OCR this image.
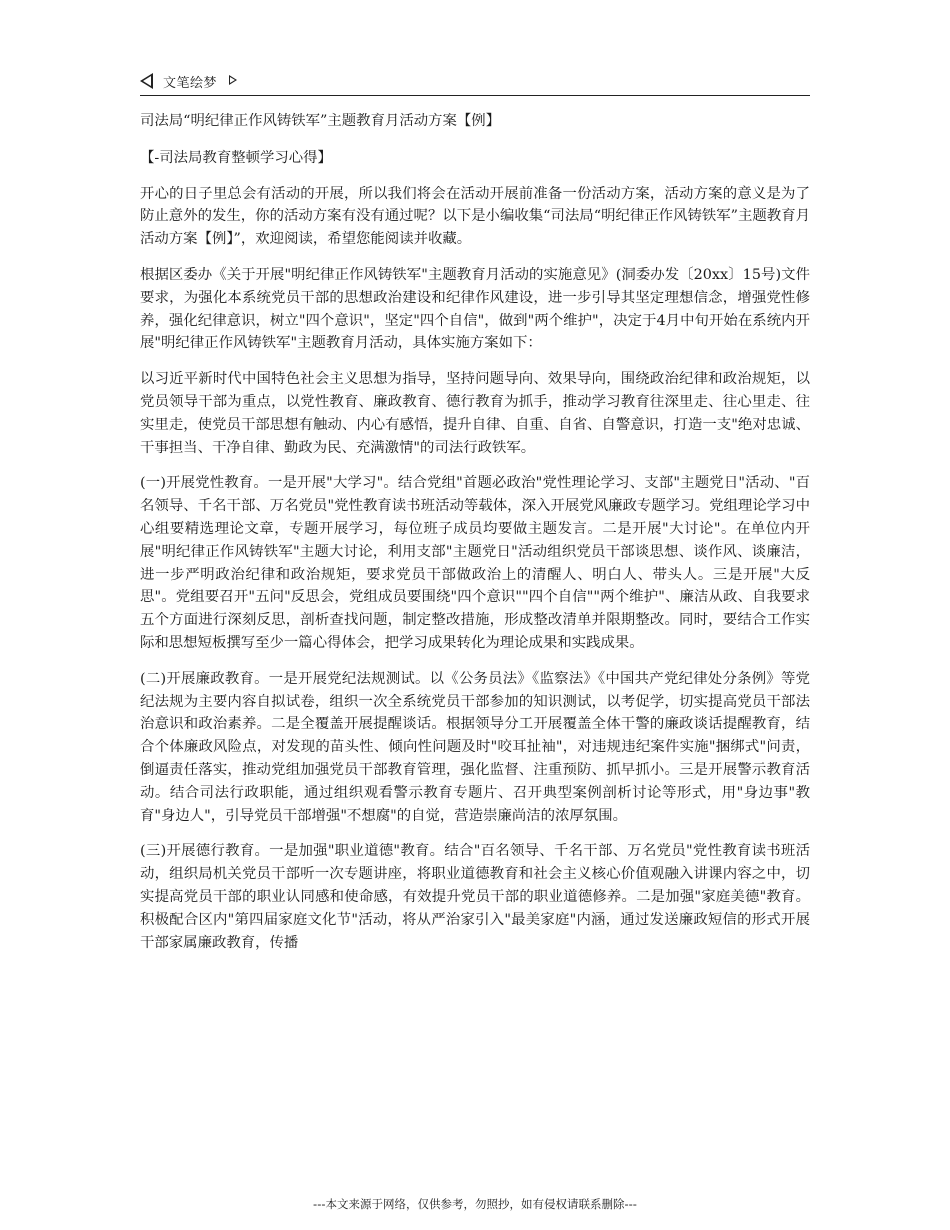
文笔绘梦

司法局“明纪律正作风铸铁军”主题教育月活动方案【例】

【-司法局教育整顿学习心得】

开心的日子里总会有活动的开展，所以我们将会在活动开展前准备一份活动方案，活动方案的意义是为了防止意外的发生，你的活动方案有没有通过呢？以下是小编收集“司法局“明纪律正作风铸铁军”主题教育月活动方案【例】”，欢迎阅读，希望您能阅读并收藏。

根据区委办《关于开展"明纪律正作风铸铁军"主题教育月活动的实施意见》(洞委办发〔20xx〕15号)文件要求，为强化本系统党员干部的思想政治建设和纪律作风建设，进一步引导其坚定理想信念，增强党性修养，强化纪律意识，树立"四个意识"，坚定"四个自信"，做到"两个维护"，决定于4月中旬开始在系统内开展"明纪律正作风铸铁军"主题教育月活动，具体实施方案如下：

以习近平新时代中国特色社会主义思想为指导，坚持问题导向、效果导向，围绕政治纪律和政治规矩，以党员领导干部为重点，以党性教育、廉政教育、德行教育为抓手，推动学习教育往深里走、往心里走、往实里走，使党员干部思想有触动、内心有感悟，提升自律、自重、自省、自警意识，打造一支"绝对忠诚、干事担当、干净自律、勤政为民、充满激情"的司法行政铁军。

(一)开展党性教育。一是开展"大学习"。结合党组"首题必政治"党性理论学习、支部"主题党日"活动、"百名领导、千名干部、万名党员"党性教育读书班活动等载体，深入开展党风廉政专题学习。党组理论学习中心组要精选理论文章，专题开展学习，每位班子成员均要做主题发言。二是开展"大讨论"。在单位内开展"明纪律正作风铸铁军"主题大讨论，利用支部"主题党日"活动组织党员干部谈思想、谈作风、谈廉洁，进一步严明政治纪律和政治规矩，要求党员干部做政治上的清醒人、明白人、带头人。三是开展"大反思"。党组要召开"五问"反思会，党组成员要围绕"四个意识""四个自信""两个维护"、廉洁从政、自我要求五个方面进行深刻反思，剖析查找问题，制定整改措施，形成整改清单并限期整改。同时，要结合工作实际和思想短板撰写至少一篇心得体会，把学习成果转化为理论成果和实践成果。

(二)开展廉政教育。一是开展党纪法规测试。以《公务员法》《监察法》《中国共产党纪律处分条例》等党纪法规为主要内容自拟试卷，组织一次全系统党员干部参加的知识测试，以考促学，切实提高党员干部法治意识和政治素养。二是全覆盖开展提醒谈话。根据领导分工开展覆盖全体干警的廉政谈话提醒教育，结合个体廉政风险点，对发现的苗头性、倾向性问题及时"咬耳扯袖"，对违规违纪案件实施"捆绑式"问责，倒逼责任落实，推动党组加强党员干部教育管理，强化监督、注重预防、抓早抓小。三是开展警示教育活动。结合司法行政职能，通过组织观看警示教育专题片、召开典型案例剖析讨论等形式，用"身边事"教育"身边人"，引导党员干部增强"不想腐"的自觉，营造崇廉尚洁的浓厚氛围。

(三)开展德行教育。一是加强"职业道德"教育。结合"百名领导、千名干部、万名党员"党性教育读书班活动，组织局机关党员干部听一次专题讲座，将职业道德教育和社会主义核心价值观融入讲课内容之中，切实提高党员干部的职业认同感和使命感，有效提升党员干部的职业道德修养。二是加强"家庭美德"教育。积极配合区内"第四届家庭文化节"活动，将从严治家引入"最美家庭"内涵，通过发送廉政短信的形式开展干部家属廉政教育，传播

---本文来源于网络，仅供参考，勿照抄，如有侵权请联系删除---
